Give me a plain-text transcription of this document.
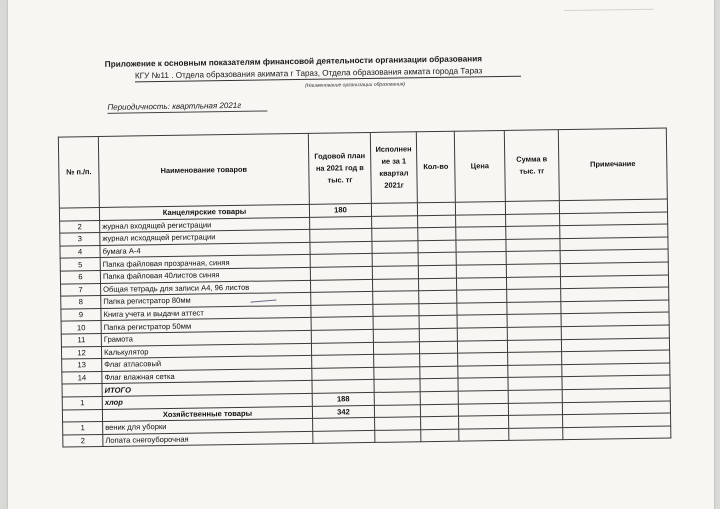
Приложение к основным показателям финансовой деятельности организации образования
КГУ №11 . Отдела образования акимата г Тараз, Отдела образования акмата города Тараз
(Наименование организации образования)
Периодичность: квартльная 2021г
№ п./п.	Наименование товаров	Годовой план на 2021 год в тыс. тг	Исполнен ие за 1 квартал 2021г	Кол-во	Цена	Сумма в тыс. тг	Примечание
	Канцелярские товары	180					
2	журнал входящей регистрации						
3	журнал исходящей регистрации						
4	бумага А-4						
5	Папка файловая прозрачная, синяя						
6	Папка файловая 40листов синяя						
7	Общая тетрадь для записи А4, 96 листов						
8	Папка регистратор 80мм						
9	Книга учета и выдачи аттест						
10	Папка регистратор 50мм						
11	Грамота						
12	Калькулятор						
13	Флаг атласовый						
14	Флаг влажная сетка						
	ИТОГО						
1	хлор	188					
	Хозяйственные товары	342					
1	веник для уборки						
2	Лопата снегоуборочная						
